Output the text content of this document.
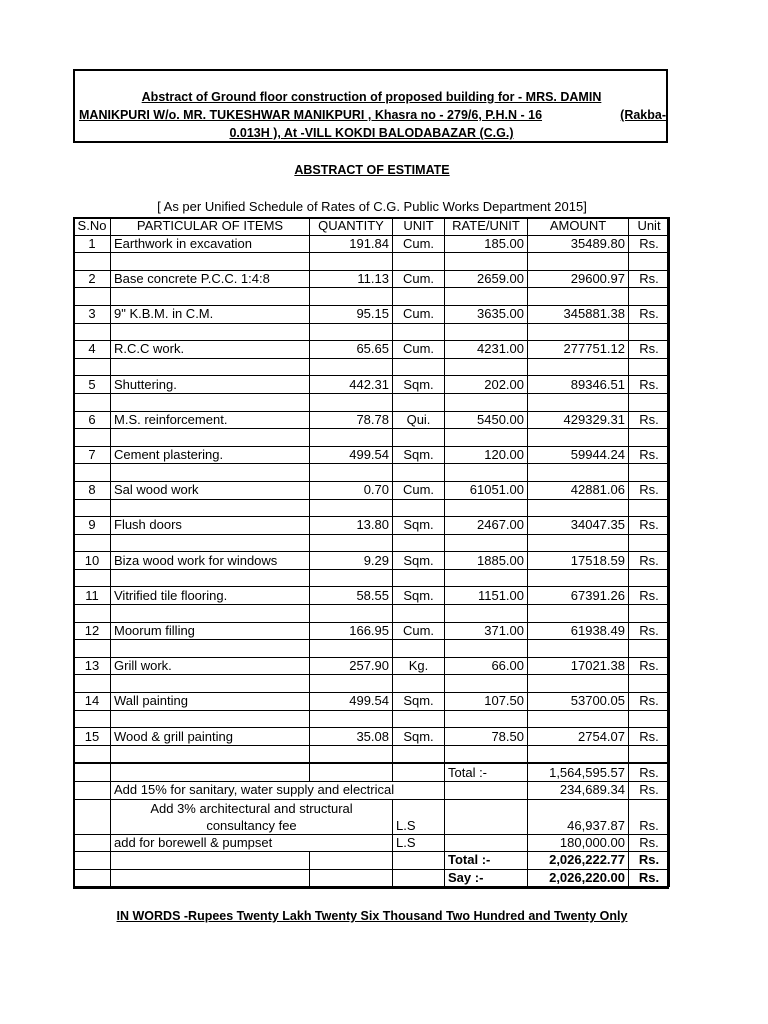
Abstract of Ground floor construction of proposed building for - MRS. DAMIN
MANIKPURI W/o. MR. TUKESHWAR MANIKPURI , Khasra no - 279/6, P.H.N - 16	(Rakba-
0.013H ), At -VILL KOKDI BALODABAZAR (C.G.)
ABSTRACT OF ESTIMATE
[ As per Unified Schedule of Rates of C.G. Public Works Department 2015]
S.No	PARTICULAR OF ITEMS	QUANTITY	UNIT	RATE/UNIT	AMOUNT	Unit
1	Earthwork in excavation	191.84	Cum.	185.00	35489.80	Rs.

2	Base concrete P.C.C. 1:4:8	11.13	Cum.	2659.00	29600.97	Rs.

3	9" K.B.M. in C.M.	95.15	Cum.	3635.00	345881.38	Rs.

4	R.C.C work.	65.65	Cum.	4231.00	277751.12	Rs.

5	Shuttering.	442.31	Sqm.	202.00	89346.51	Rs.

6	M.S. reinforcement.	78.78	Qui.	5450.00	429329.31	Rs.

7	Cement plastering.	499.54	Sqm.	120.00	59944.24	Rs.

8	Sal wood work	0.70	Cum.	61051.00	42881.06	Rs.

9	Flush doors	13.80	Sqm.	2467.00	34047.35	Rs.

10	Biza wood work for windows	9.29	Sqm.	1885.00	17518.59	Rs.

11	Vitrified tile flooring.	58.55	Sqm.	1151.00	67391.26	Rs.

12	Moorum filling	166.95	Cum.	371.00	61938.49	Rs.

13	Grill work.	257.90	Kg.	66.00	17021.38	Rs.

14	Wall painting	499.54	Sqm.	107.50	53700.05	Rs.

15	Wood & grill painting	35.08	Sqm.	78.50	2754.07	Rs.

				Total :-	1,564,595.57	Rs.
	Add 15% for sanitary, water supply and electrical				234,689.34	Rs.

	Add 3% architectural and structural
consultancy fee		L.S		46,937.87	Rs.
	add for borewell & pumpset		L.S		180,000.00	Rs.
				Total :-	2,026,222.77	Rs.
				Say :-	2,026,220.00	Rs.
IN WORDS -Rupees Twenty Lakh Twenty Six Thousand Two Hundred and Twenty Only
